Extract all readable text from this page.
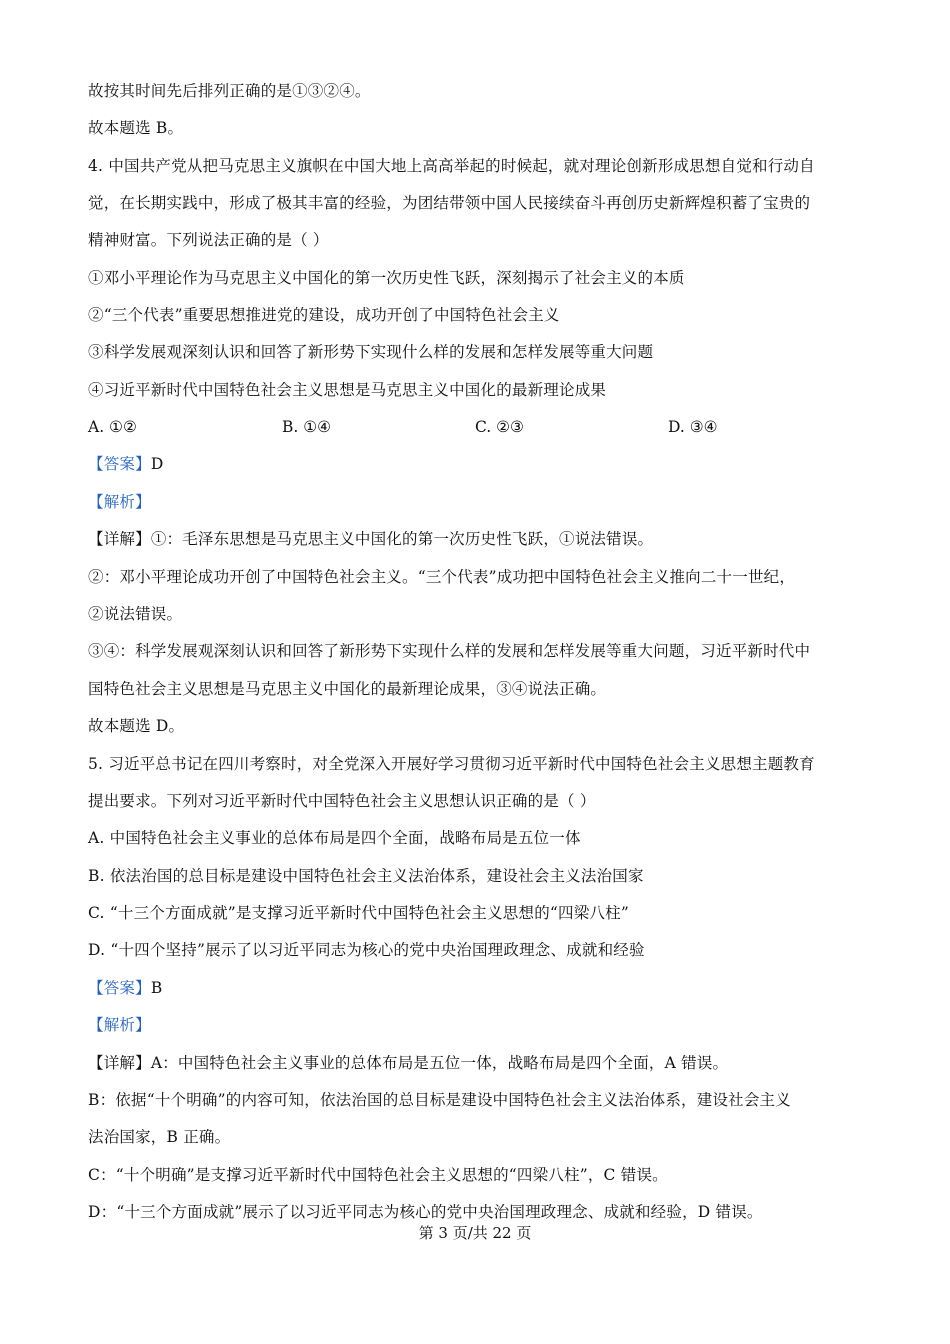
故按其时间先后排列正确的是①③②④。
故本题选 B。
4. 中国共产党从把马克思主义旗帜在中国大地上高高举起的时候起，就对理论创新形成思想自觉和行动自
觉，在长期实践中，形成了极其丰富的经验，为团结带领中国人民接续奋斗再创历史新辉煌积蓄了宝贵的
精神财富。下列说法正确的是（ ）
①邓小平理论作为马克思主义中国化的第一次历史性飞跃，深刻揭示了社会主义的本质
②“三个代表”重要思想推进党的建设，成功开创了中国特色社会主义
③科学发展观深刻认识和回答了新形势下实现什么样的发展和怎样发展等重大问题
④习近平新时代中国特色社会主义思想是马克思主义中国化的最新理论成果
A. ①②	B. ①④	C. ②③	D. ③④
【答案】D
【解析】
【详解】①：毛泽东思想是马克思主义中国化的第一次历史性飞跃，①说法错误。
②：邓小平理论成功开创了中国特色社会主义。“三个代表”成功把中国特色社会主义推向二十一世纪，
②说法错误。
③④：科学发展观深刻认识和回答了新形势下实现什么样的发展和怎样发展等重大问题，习近平新时代中
国特色社会主义思想是马克思主义中国化的最新理论成果，③④说法正确。
故本题选 D。
5. 习近平总书记在四川考察时，对全党深入开展好学习贯彻习近平新时代中国特色社会主义思想主题教育
提出要求。下列对习近平新时代中国特色社会主义思想认识正确的是（ ）
A. 中国特色社会主义事业的总体布局是四个全面，战略布局是五位一体
B. 依法治国的总目标是建设中国特色社会主义法治体系，建设社会主义法治国家
C. “十三个方面成就”是支撑习近平新时代中国特色社会主义思想的“四梁八柱”
D. “十四个坚持”展示了以习近平同志为核心的党中央治国理政理念、成就和经验
【答案】B
【解析】
【详解】A：中国特色社会主义事业的总体布局是五位一体，战略布局是四个全面，A 错误。
B：依据“十个明确”的内容可知，依法治国的总目标是建设中国特色社会主义法治体系，建设社会主义
法治国家，B 正确。
C：“十个明确”是支撑习近平新时代中国特色社会主义思想的“四梁八柱”，C 错误。
D：“十三个方面成就”展示了以习近平同志为核心的党中央治国理政理念、成就和经验，D 错误。
第 3 页/共 22 页
